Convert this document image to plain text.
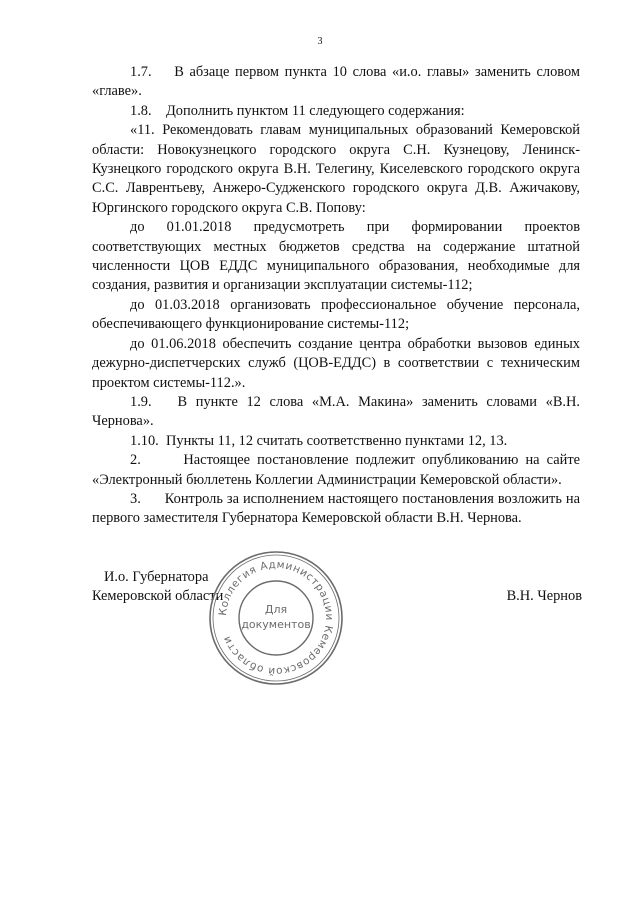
3

1.7.    В абзаце первом пункта 10 слова «и.о. главы» заменить словом «главе».

1.8.    Дополнить пунктом 11 следующего содержания:

«11. Рекомендовать главам муниципальных образований Кемеровской области: Новокузнецкого городского округа С.Н. Кузнецову, Ленинск-Кузнецкого городского округа В.Н. Телегину, Киселевского городского округа С.С. Лаврентьеву, Анжеро-Судженского городского округа Д.В. Ажичакову, Юргинского городского округа С.В. Попову:

до 01.01.2018 предусмотреть при формировании проектов соответствующих местных бюджетов средства на содержание штатной численности ЦОВ ЕДДС муниципального образования, необходимые для создания, развития и организации эксплуатации системы-112;

до 01.03.2018 организовать профессиональное обучение персонала, обеспечивающего функционирование системы-112;

до 01.06.2018 обеспечить создание центра обработки вызовов единых дежурно-диспетчерских служб (ЦОВ-ЕДДС) в соответствии с техническим проектом системы-112.».

1.9.   В пункте 12 слова «М.А. Макина» заменить словами «В.Н. Чернова».

1.10.  Пункты 11, 12 считать соответственно пунктами 12, 13.

2.      Настоящее постановление подлежит опубликованию на сайте «Электронный бюллетень Коллегии Администрации Кемеровской области».

3.      Контроль за исполнением настоящего постановления возложить на первого заместителя Губернатора Кемеровской области В.Н. Чернова.

И.о. Губернатора
Кемеровской области	В.Н. Чернов
Коллегия Администрации Кемеровской области
Для
документов
